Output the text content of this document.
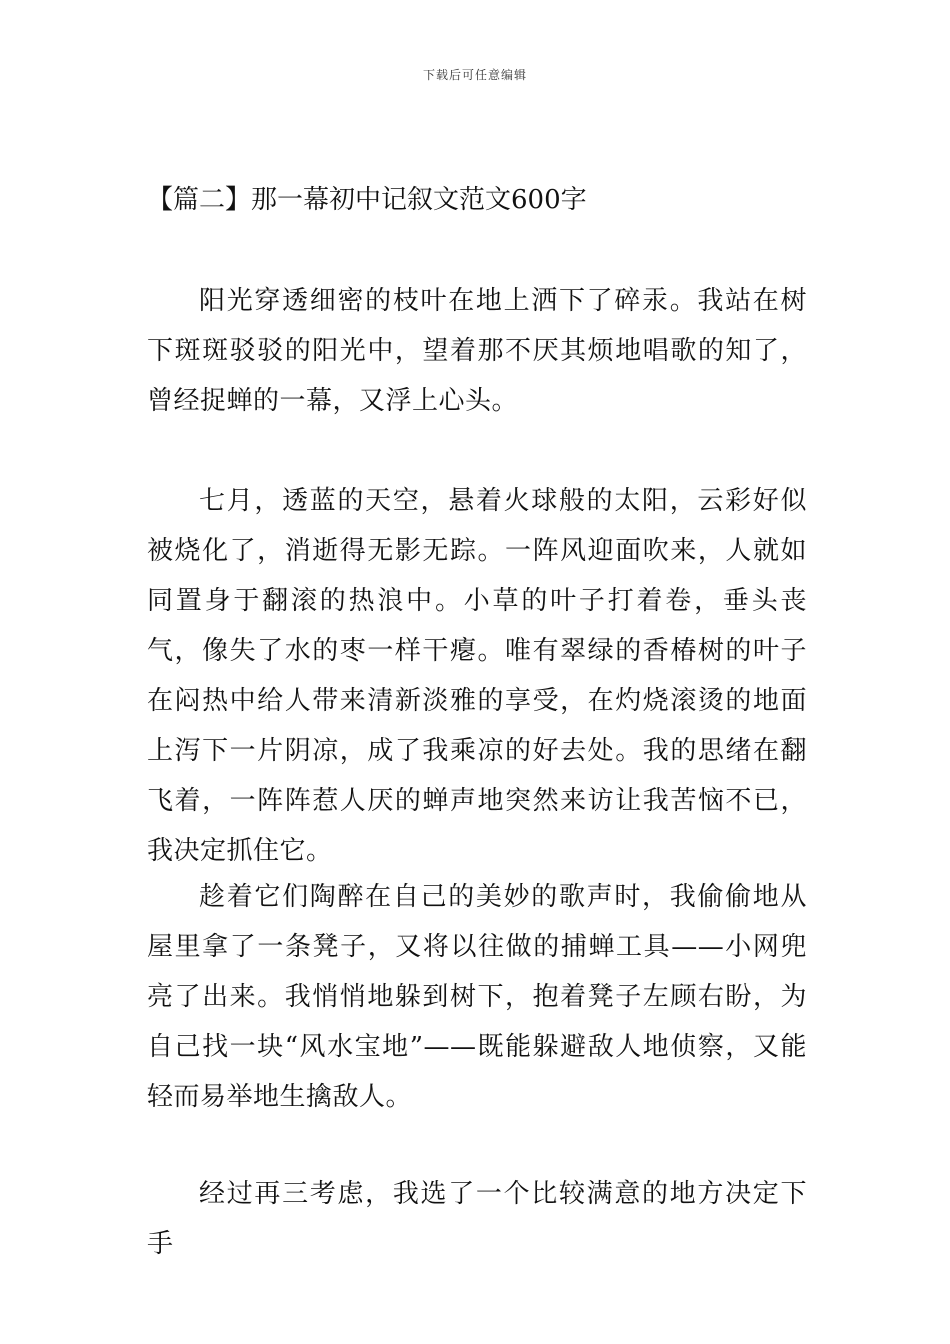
下载后可任意编辑
【篇二】那一幕初中记叙文范文600字

阳光穿透细密的枝叶在地上洒下了碎汞。我站在树下斑斑驳驳的阳光中，望着那不厌其烦地唱歌的知了，曾经捉蝉的一幕，又浮上心头。

七月，透蓝的天空，悬着火球般的太阳，云彩好似被烧化了，消逝得无影无踪。一阵风迎面吹来，人就如同置身于翻滚的热浪中。小草的叶子打着卷，垂头丧气，像失了水的枣一样干瘪。唯有翠绿的香椿树的叶子在闷热中给人带来清新淡雅的享受，在灼烧滚烫的地面上泻下一片阴凉，成了我乘凉的好去处。我的思绪在翻飞着，一阵阵惹人厌的蝉声地突然来访让我苦恼不已，我决定抓住它。

趁着它们陶醉在自己的美妙的歌声时，我偷偷地从屋里拿了一条凳子，又将以往做的捕蝉工具——小网兜亮了出来。我悄悄地躲到树下，抱着凳子左顾右盼，为自己找一块“风水宝地”——既能躲避敌人地侦察，又能轻而易举地生擒敌人。

经过再三考虑，我选了一个比较满意的地方决定下手
